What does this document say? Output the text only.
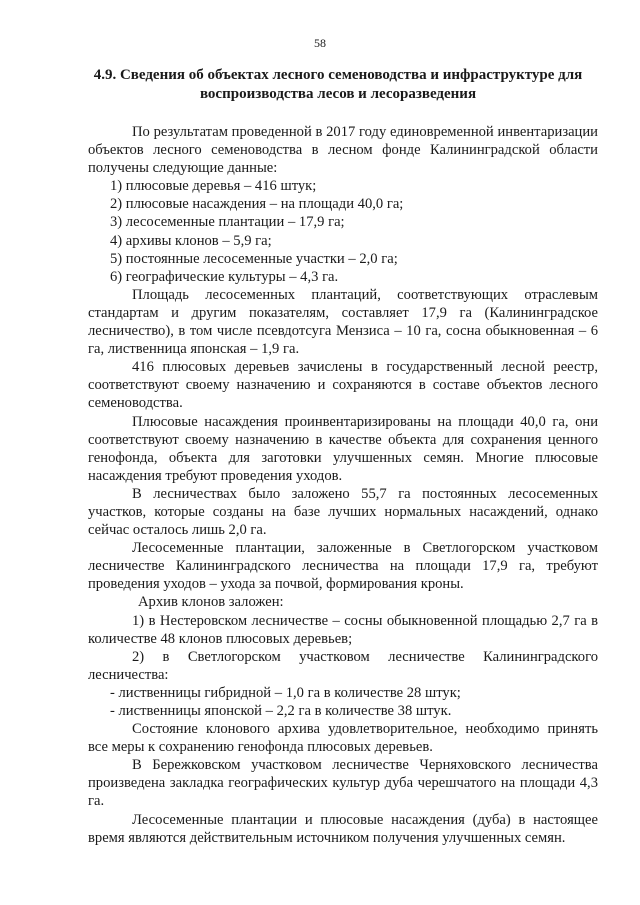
58
4.9. Сведения об объектах лесного семеноводства и инфраструктуре для воспроизводства лесов и лесоразведения

По результатам проведенной в 2017 году единовременной инвентаризации объектов лесного семеноводства в лесном фонде Калининградской области получены следующие данные:

1) плюсовые деревья – 416 штук;
2) плюсовые насаждения – на площади 40,0 га;
3) лесосеменные плантации – 17,9 га;
4) архивы клонов – 5,9 га;
5) постоянные лесосеменные участки – 2,0 га;
6) географические культуры – 4,3 га.

Площадь лесосеменных плантаций, соответствующих отраслевым стандартам и другим показателям, составляет 17,9 га (Калининградское лесничество), в том числе псевдотсуга Мензиса – 10 га, сосна обыкновенная – 6 га, лиственница японская – 1,9 га.

416 плюсовых деревьев зачислены в государственный лесной реестр, соответствуют своему назначению и сохраняются в составе объектов лесного семеноводства.

Плюсовые насаждения проинвентаризированы на площади 40,0 га, они соответствуют своему назначению в качестве объекта для сохранения ценного генофонда, объекта для заготовки улучшенных семян. Многие плюсовые насаждения требуют проведения уходов.

В лесничествах было заложено 55,7 га постоянных лесосеменных участков, которые созданы на базе лучших нормальных насаждений, однако сейчас осталось лишь 2,0 га.

Лесосеменные плантации, заложенные в Светлогорском участковом лесничестве Калининградского лесничества на площади 17,9 га, требуют проведения уходов – ухода за почвой, формирования кроны.

Архив клонов заложен:

1) в Нестеровском лесничестве – сосны обыкновенной площадью 2,7 га в количестве 48 клонов плюсовых деревьев;

2) в Светлогорском участковом лесничестве Калининградского лесничества:

- лиственницы гибридной – 1,0 га в количестве 28 штук;

- лиственницы японской – 2,2 га в количестве 38 штук.

Состояние клонового архива удовлетворительное, необходимо принять все меры к сохранению генофонда плюсовых деревьев.

В Бережковском участковом лесничестве Черняховского лесничества произведена закладка географических культур дуба черешчатого на площади 4,3 га.

Лесосеменные плантации и плюсовые насаждения (дуба) в настоящее время являются действительным источником получения улучшенных семян.
